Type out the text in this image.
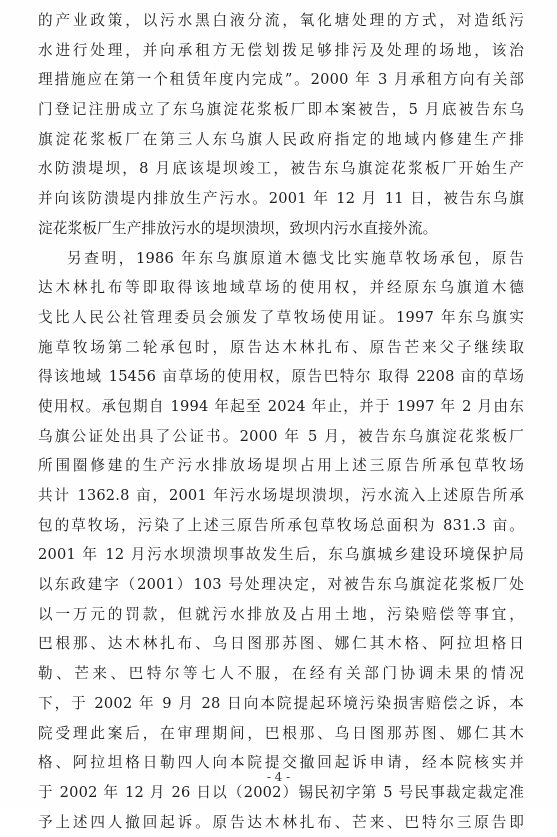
的产业政策，以污水黑白液分流，氧化塘处理的方式，对造纸污
水进行处理，并向承租方无偿划拨足够排污及处理的场地，该治
理措施应在第一个租赁年度内完成”。2000 年 3 月承租方向有关部
门登记注册成立了东乌旗淀花浆板厂即本案被告，5 月底被告东乌
旗淀花浆板厂在第三人东乌旗人民政府指定的地域内修建生产排
水防溃堤坝，8 月底该堤坝竣工，被告东乌旗淀花浆板厂开始生产
并向该防溃堤内排放生产污水。2001 年 12 月 11 日，被告东乌旗
淀花浆板厂生产排放污水的堤坝溃坝，致坝内污水直接外流。
另查明，1986 年东乌旗原道木德戈比实施草牧场承包，原告
达木林扎布等即取得该地域草场的使用权，并经原东乌旗道木德
戈比人民公社管理委员会颁发了草牧场使用证。1997 年东乌旗实
施草牧场第二轮承包时，原告达木林扎布、原告芒来父子继续取
得该地域 15456 亩草场的使用权，原告巴特尔 取得 2208 亩的草场
使用权。承包期自 1994 年起至 2024 年止，并于 1997 年 2 月由东
乌旗公证处出具了公证书。2000 年 5 月，被告东乌旗淀花浆板厂
所围圈修建的生产污水排放场堤坝占用上述三原告所承包草牧场
共计 1362.8 亩，2001 年污水场堤坝溃坝，污水流入上述原告所承
包的草牧场，污染了上述三原告所承包草牧场总面积为 831.3 亩。
2001 年 12 月污水坝溃坝事故发生后，东乌旗城乡建设环境保护局
以东政建字（2001）103 号处理决定，对被告东乌旗淀花浆板厂处
以一万元的罚款，但就污水排放及占用土地，污染赔偿等事宜，
巴根那、达木林扎布、乌日图那苏图、娜仁其木格、阿拉坦格日
勒、芒来、巴特尔等七人不服，在经有关部门协调未果的情况
下，于 2002 年 9 月 28 日向本院提起环境污染损害赔偿之诉，本
院受理此案后，在审理期间，巴根那、乌日图那苏图、娜仁其木
格、阿拉坦格日勒四人向本院提交撤回起诉申请，经本院核实并
于 2002 年 12 月 26 日以（2002）锡民初字第 5 号民事裁定裁定准
予上述四人撤回起诉。原告达木林扎布、芒来、巴特尔三原告即
- 4 -
